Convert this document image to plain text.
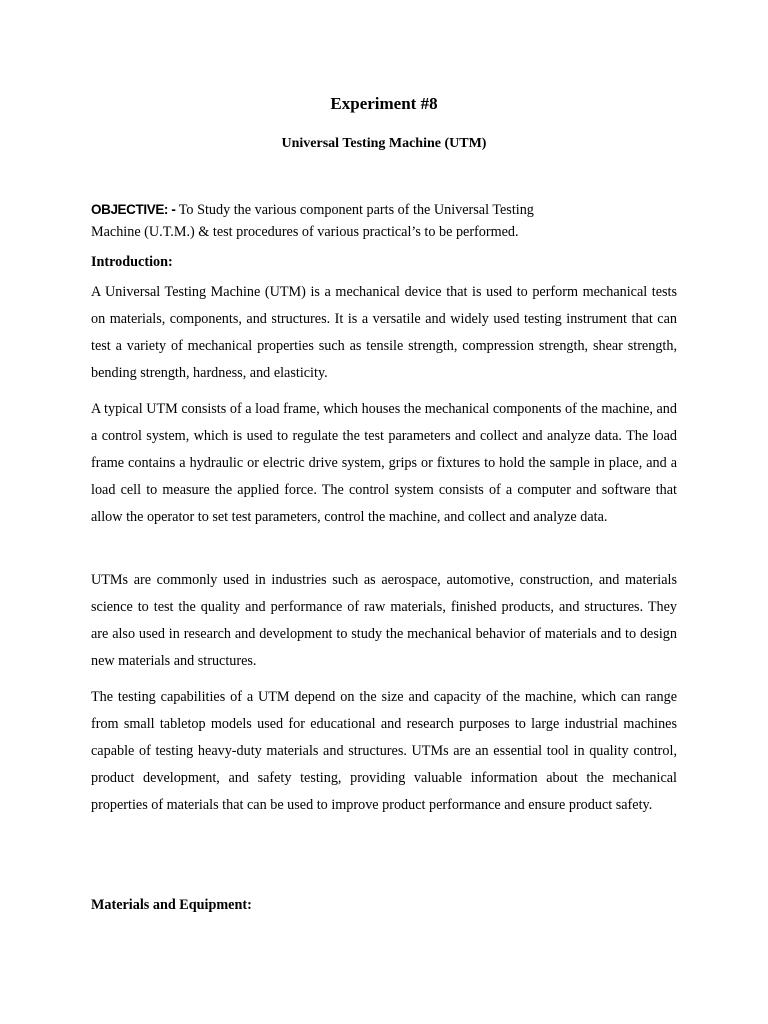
Experiment #8
Universal Testing Machine (UTM)
OBJECTIVE: - To Study the various component parts of the Universal Testing
Machine (U.T.M.) & test procedures of various practical’s to be performed.
Introduction:

A Universal Testing Machine (UTM) is a mechanical device that is used to perform mechanical tests on materials, components, and structures. It is a versatile and widely used testing instrument that can test a variety of mechanical properties such as tensile strength, compression strength, shear strength, bending strength, hardness, and elasticity.

A typical UTM consists of a load frame, which houses the mechanical components of the machine, and a control system, which is used to regulate the test parameters and collect and analyze data. The load frame contains a hydraulic or electric drive system, grips or fixtures to hold the sample in place, and a load cell to measure the applied force. The control system consists of a computer and software that allow the operator to set test parameters, control the machine, and collect and analyze data.

UTMs are commonly used in industries such as aerospace, automotive, construction, and materials science to test the quality and performance of raw materials, finished products, and structures. They are also used in research and development to study the mechanical behavior of materials and to design new materials and structures.

The testing capabilities of a UTM depend on the size and capacity of the machine, which can range from small tabletop models used for educational and research purposes to large industrial machines capable of testing heavy-duty materials and structures. UTMs are an essential tool in quality control, product development, and safety testing, providing valuable information about the mechanical properties of materials that can be used to improve product performance and ensure product safety.

Materials and Equipment:
